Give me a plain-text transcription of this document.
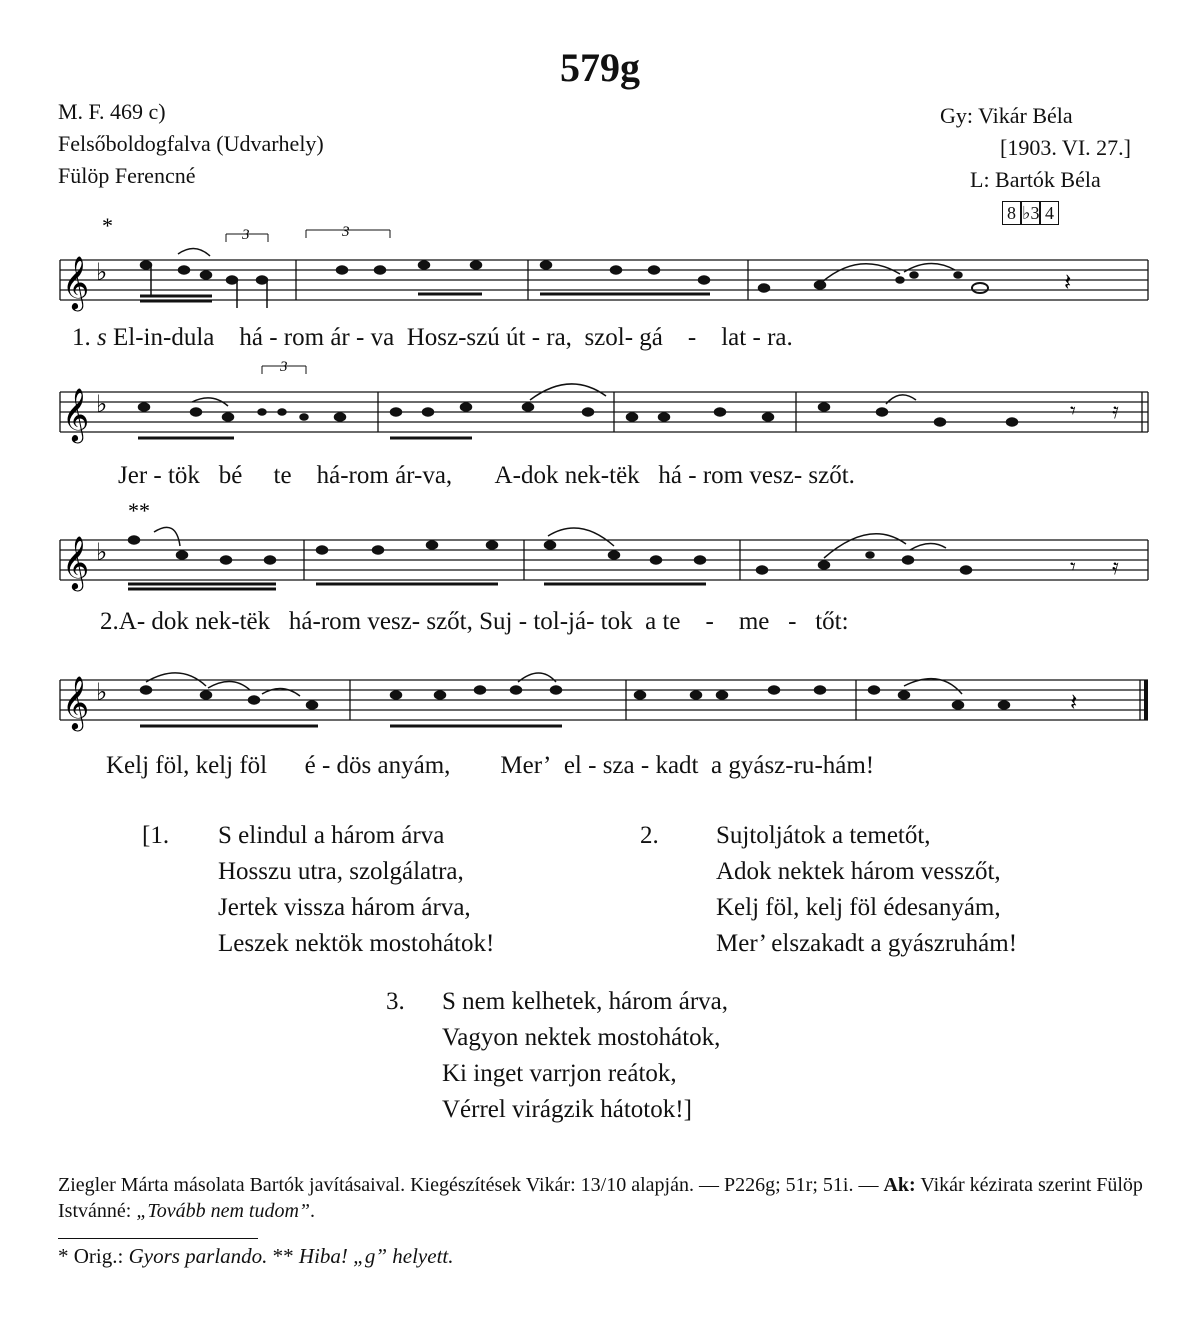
579g
M. F. 469 c)
Felsőboldogfalva (Udvarhely)
Fülöp Ferencné
Gy: Vikár Béla
[1903. VI. 27.]
L: Bartók Béla
8 ♭3 4
𝄞 ♭
*	3	3
𝄽
1. s El-in-dula há - rom ár - va Hosz-szú út - ra, szol- gá - lat - ra.
𝄞 ♭
3
𝄾 𝄿
Jer - tök bé te há-rom ár-va, A-dok nek-tëk há - rom vesz- szőt.
𝄞 ♭
**
𝄾 𝄿
2.A- dok nek-tëk há-rom vesz- szőt, Suj - tol-já- tok a te - me - tőt:
𝄞 ♭	𝄽
Kelj föl, kelj föl é - dös anyám, Mer’ el - sza - kadt a gyász-ru-hám!
[1. S elindul a három árva
Hosszu utra, szolgálatra,
Jertek vissza három árva,
Leszek nektök mostohátok!
2. Sujtoljátok a temetőt,
Adok nektek három vesszőt,
Kelj föl, kelj föl édesanyám,
Mer’ elszakadt a gyászruhám!
3. S nem kelhetek, három árva,
Vagyon nektek mostohátok,
Ki inget varrjon reátok,
Vérrel virágzik hátotok!]
Ziegler Márta másolata Bartók javításaival. Kiegészítések Vikár: 13/10 alapján. — P226g; 51r; 51i. — Ak: Vikár kézirata szerint Fülöp Istvánné: „Tovább nem tudom”.
* Orig.: Gyors parlando. ** Hiba! „g” helyett.
